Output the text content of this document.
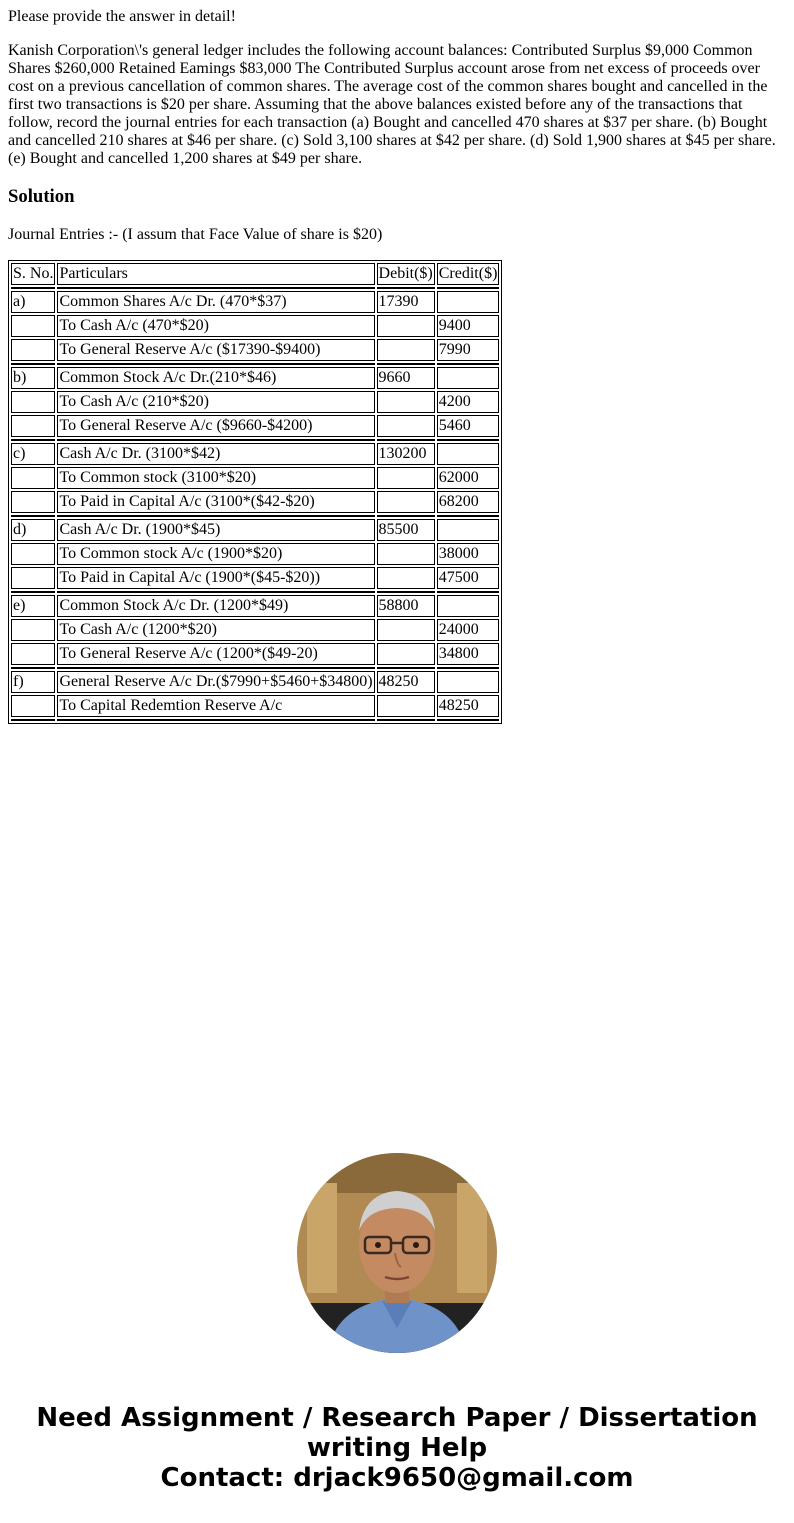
Please provide the answer in detail!

Kanish Corporation\'s general ledger includes the following account balances: Contributed Surplus $9,000 Common Shares $260,000 Retained Eamings $83,000 The Contributed Surplus account arose from net excess of proceeds over cost on a previous cancellation of common shares. The average cost of the common shares bought and cancelled in the first two transactions is $20 per share. Assuming that the above balances existed before any of the transactions that follow, record the journal entries for each transaction (a) Bought and cancelled 470 shares at $37 per share. (b) Bought and cancelled 210 shares at $46 per share. (c) Sold 3,100 shares at $42 per share. (d) Sold 1,900 shares at $45 per share. (e) Bought and cancelled 1,200 shares at $49 per share.

Solution

Journal Entries :- (I assum that Face Value of share is $20)

S. No.	Particulars	Debit($)	Credit($)

a)	Common Shares A/c Dr. (470*$37)	17390	
	To Cash A/c (470*$20)		9400
	To General Reserve A/c ($17390-$9400)		7990

b)	Common Stock A/c Dr.(210*$46)	9660	
	To Cash A/c (210*$20)		4200
	To General Reserve A/c ($9660-$4200)		5460

c)	Cash A/c Dr. (3100*$42)	130200	
	To Common stock (3100*$20)		62000
	To Paid in Capital A/c (3100*($42-$20)		68200

d)	Cash A/c Dr. (1900*$45)	85500	
	To Common stock A/c (1900*$20)		38000
	To Paid in Capital A/c (1900*($45-$20))		47500

e)	Common Stock A/c Dr. (1200*$49)	58800	
	To Cash A/c (1200*$20)		24000
	To General Reserve A/c (1200*($49-20)		34800

f)	General Reserve A/c Dr.($7990+$5460+$34800)	48250	
	To Capital Redemtion Reserve A/c		48250

Need Assignment / Research Paper / Dissertation
writing Help
Contact: drjack9650@gmail.com
